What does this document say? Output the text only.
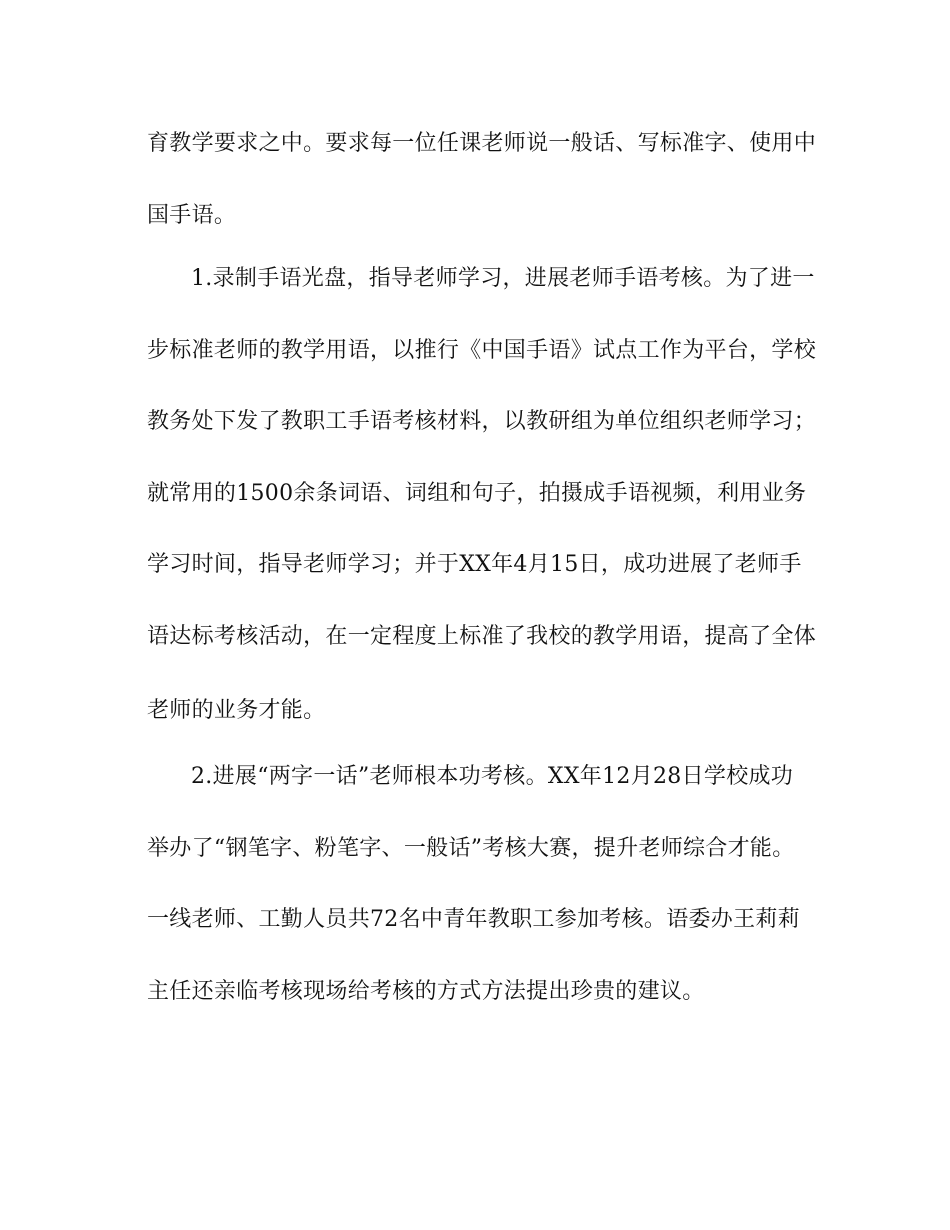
育教学要求之中。要求每一位任课老师说一般话、写标准字、使用中
国手语。
1.录制手语光盘，指导老师学习，进展老师手语考核。为了进一
步标准老师的教学用语，以推行《中国手语》试点工作为平台，学校
教务处下发了教职工手语考核材料，以教研组为单位组织老师学习；
就常用的1500余条词语、词组和句子，拍摄成手语视频，利用业务
学习时间，指导老师学习；并于XX年4月15日，成功进展了老师手
语达标考核活动，在一定程度上标准了我校的教学用语，提高了全体
老师的业务才能。
2.进展“两字一话”老师根本功考核。XX年12月28日学校成功
举办了“钢笔字、粉笔字、一般话”考核大赛，提升老师综合才能。
一线老师、工勤人员共72名中青年教职工参加考核。语委办王莉莉
主任还亲临考核现场给考核的方式方法提出珍贵的建议。
